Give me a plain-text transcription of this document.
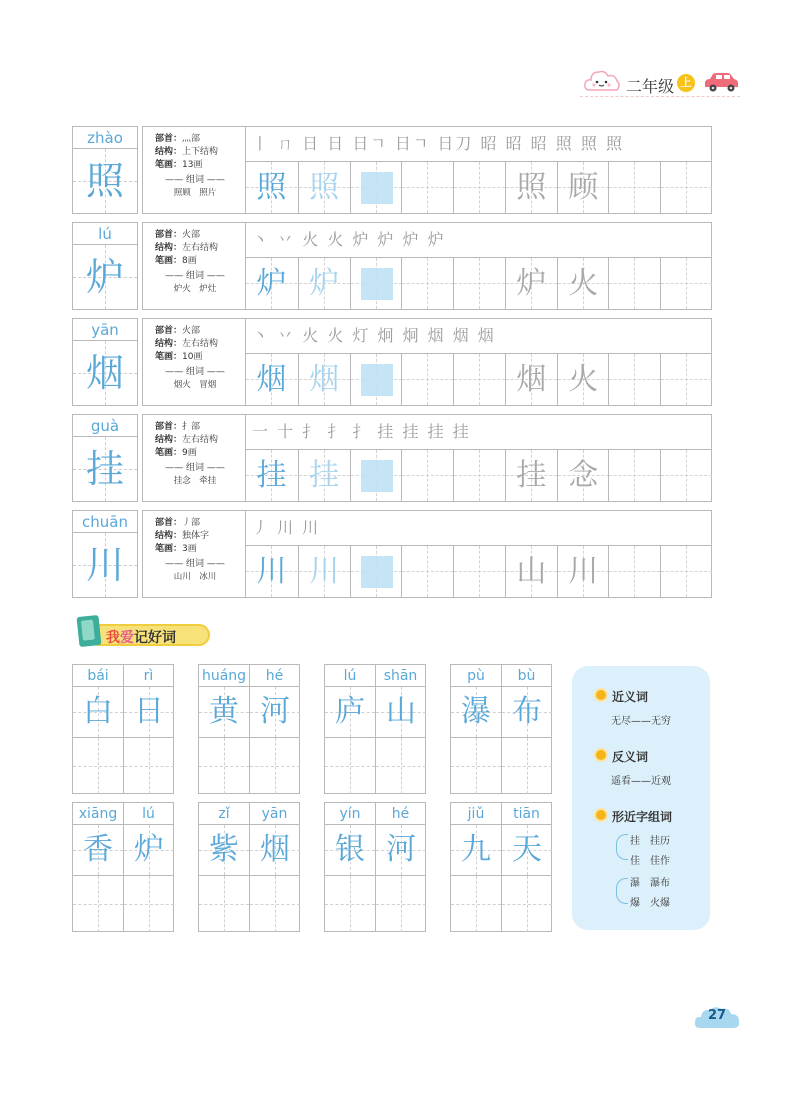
二年级 上
zhào
照
部首：灬部
结构：上下结构
笔画：13画
—— 组词 ——
照顾　照片
丨 ㄇ 日 日 日ㄱ 日ㄱ 日刀 昭 昭 昭 照 照 照
照 照	照 顾
lú
炉
部首：火部
结构：左右结构
笔画：8画
—— 组词 ——
炉火　炉灶
丶 丷 火 火 炉 炉 炉 炉
炉 炉	炉 火
yān
烟
部首：火部
结构：左右结构
笔画：10画
—— 组词 ——
烟火　冒烟
丶 丷 火 火 灯 炯 炯 烟 烟 烟
烟 烟	烟 火
guà
挂
部首：扌部
结构：左右结构
笔画：9画
—— 组词 ——
挂念　牵挂
一 十 扌 扌 扌 挂 挂 挂 挂
挂 挂	挂 念
chuān
川
部首：丿部
结构：独体字
笔画：3画
—— 组词 ——
山川　冰川
丿 川 川
川 川	山 川
我爱记好词
bái	rì
白 日
huáng	hé
黄 河
lú	shān
庐 山
pù	bù
瀑 布
xiāng	lú
香 炉
zǐ	yān
紫 烟
yín	hé
银 河
jiǔ	tiān
九 天
近义词
无尽——无穷
反义词
遥看——近观
形近字组词
挂　 挂历
佳　 佳作
瀑　 瀑布
爆　 火爆
27
